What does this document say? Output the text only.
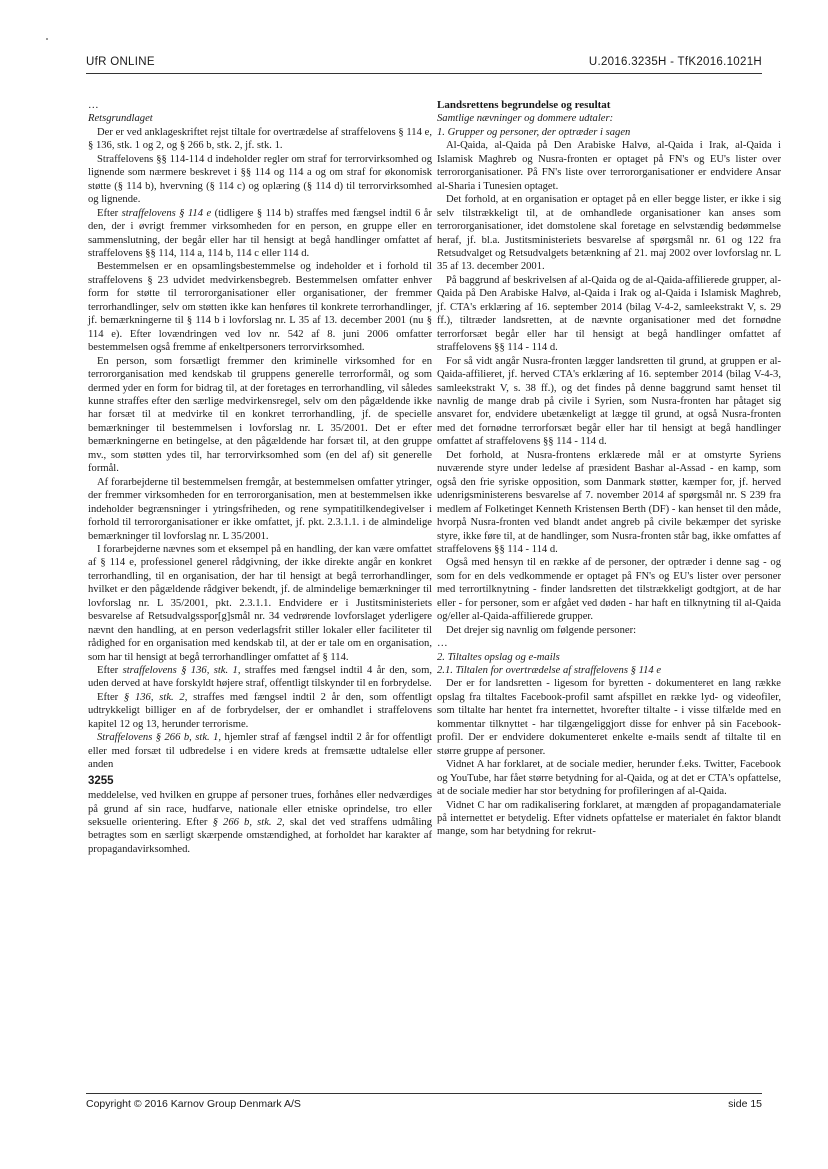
UfR ONLINE	U.2016.3235H - TfK2016.1021H

…

Retsgrundlaget

Der er ved anklageskriftet rejst tiltale for overtrædelse af straffelovens § 114 e, § 136, stk. 1 og 2, og § 266 b, stk. 2, jf. stk. 1.

Straffelovens §§ 114-114 d indeholder regler om straf for terrorvirksomhed og lignende som nærmere beskrevet i §§ 114 og 114 a og om straf for økonomisk støtte (§ 114 b), hvervning (§ 114 c) og oplæring (§ 114 d) til terrorvirksomhed og lignende.

Efter straffelovens § 114 e (tidligere § 114 b) straffes med fængsel indtil 6 år den, der i øvrigt fremmer virksomheden for en person, en gruppe eller en sammenslutning, der begår eller har til hensigt at begå handlinger omfattet af straffelovens §§ 114, 114 a, 114 b, 114 c eller 114 d.

Bestemmelsen er en opsamlingsbestemmelse og indeholder et i forhold til straffelovens § 23 udvidet medvirkensbegreb. Bestemmelsen omfatter enhver form for støtte til terrororganisationer eller organisationer, der fremmer terrorhandlinger, selv om støtten ikke kan henføres til konkrete terrorhandlinger, jf. bemærkningerne til § 114 b i lovforslag nr. L 35 af 13. december 2001 (nu § 114 e). Efter lovændringen ved lov nr. 542 af 8. juni 2006 omfatter bestemmelsen også fremme af enkeltpersoners terrorvirksomhed.

En person, som forsætligt fremmer den kriminelle virksomhed for en terrororganisation med kendskab til gruppens generelle terrorformål, og som dermed yder en form for bidrag til, at der foretages en terrorhandling, vil således kunne straffes efter den særlige medvirkensregel, selv om den pågældende ikke har forsæt til at medvirke til en konkret terrorhandling, jf. de specielle bemærkninger til bestemmelsen i lovforslag nr. L 35/2001. Det er efter bemærkningerne en betingelse, at den pågældende har forsæt til, at den gruppe mv., som støtten ydes til, har terrorvirksomhed som (en del af) sit generelle formål.

Af forarbejderne til bestemmelsen fremgår, at bestemmelsen omfatter ytringer, der fremmer virksomheden for en terrororganisation, men at bestemmelsen ikke indeholder begrænsninger i ytringsfriheden, og rene sympatitilkendegivelser i forhold til terrororganisationer er ikke omfattet, jf. pkt. 2.3.1.1. i de almindelige bemærkninger til lovforslag nr. L 35/2001.

I forarbejderne nævnes som et eksempel på en handling, der kan være omfattet af § 114 e, professionel generel rådgivning, der ikke direkte angår en konkret terrorhandling, til en organisation, der har til hensigt at begå terrorhandlinger, hvilket er den pågældende rådgiver bekendt, jf. de almindelige bemærkninger til lovforslag nr. L 35/2001, pkt. 2.3.1.1. Endvidere er i Justitsministeriets besvarelse af Retsudvalgsspor[g]smål nr. 34 vedrørende lovforslaget yderligere nævnt den handling, at en person vederlagsfrit stiller lokaler eller faciliteter til rådighed for en organisation med kendskab til, at der er tale om en organisation, som har til hensigt at begå terrorhandlinger omfattet af § 114.

Efter straffelovens § 136, stk. 1, straffes med fængsel indtil 4 år den, som, uden derved at have forskyldt højere straf, offentligt tilskynder til en forbrydelse.

Efter § 136, stk. 2, straffes med fængsel indtil 2 år den, som offentligt udtrykkeligt billiger en af de forbrydelser, der er omhandlet i straffelovens kapitel 12 og 13, herunder terrorisme.

Straffelovens § 266 b, stk. 1, hjemler straf af fængsel indtil 2 år for offentligt eller med forsæt til udbredelse i en videre kreds at fremsætte udtalelse eller anden

3255

meddelelse, ved hvilken en gruppe af personer trues, forhånes eller nedværdiges på grund af sin race, hudfarve, nationale eller etniske oprindelse, tro eller seksuelle orientering. Efter § 266 b, stk. 2, skal det ved straffens udmåling betragtes som en særligt skærpende omstændighed, at forholdet har karakter af propagandavirksomhed.

Landsrettens begrundelse og resultat

Samtlige nævninger og dommere udtaler:

1. Grupper og personer, der optræder i sagen

Al-Qaida, al-Qaida på Den Arabiske Halvø, al-Qaida i Irak, al-Qaida i Islamisk Maghreb og Nusra-fronten er optaget på FN's og EU's lister over terrororganisationer. På FN's liste over terrororganisationer er endvidere Ansar al-Sharia i Tunesien optaget.

Det forhold, at en organisation er optaget på en eller begge lister, er ikke i sig selv tilstrækkeligt til, at de omhandlede organisationer kan anses som terrororganisationer, idet domstolene skal foretage en selvstændig bedømmelse heraf, jf. bl.a. Justitsministeriets besvarelse af spørgsmål nr. 61 og 122 fra Retsudvalget og Retsudvalgets betænkning af 21. maj 2002 over lovforslag nr. L 35 af 13. december 2001.

På baggrund af beskrivelsen af al-Qaida og de al-Qaida-affilierede grupper, al-Qaida på Den Arabiske Halvø, al-Qaida i Irak og al-Qaida i Islamisk Maghreb, jf. CTA's erklæring af 16. september 2014 (bilag V-4-2, samleekstrakt V, s. 29 ff.), tiltræder landsretten, at de nævnte organisationer med det fornødne terrorforsæt begår eller har til hensigt at begå handlinger omfattet af straffelovens §§ 114 - 114 d.

For så vidt angår Nusra-fronten lægger landsretten til grund, at gruppen er al-Qaida-affilieret, jf. herved CTA's erklæring af 16. september 2014 (bilag V-4-3, samleekstrakt V, s. 38 ff.), og det findes på denne baggrund samt henset til navnlig de mange drab på civile i Syrien, som Nusra-fronten har påtaget sig ansvaret for, endvidere ubetænkeligt at lægge til grund, at også Nusra-fronten med det fornødne terrorforsæt begår eller har til hensigt at begå handlinger omfattet af straffelovens §§ 114 - 114 d.

Det forhold, at Nusra-frontens erklærede mål er at omstyrte Syriens nuværende styre under ledelse af præsident Bashar al-Assad - en kamp, som også den frie syriske opposition, som Danmark støtter, kæmper for, jf. herved udenrigsministerens besvarelse af 7. november 2014 af spørgsmål nr. S 239 fra medlem af Folketinget Kenneth Kristensen Berth (DF) - kan henset til den måde, hvorpå Nusra-fronten ved blandt andet angreb på civile bekæmper det syriske styre, ikke føre til, at de handlinger, som Nusra-fronten står bag, ikke omfattes af straffelovens §§ 114 - 114 d.

Også med hensyn til en række af de personer, der optræder i denne sag - og som for en dels vedkommende er optaget på FN's og EU's lister over personer med terrortilknytning - finder landsretten det tilstrækkeligt godtgjort, at de har eller - for personer, som er afgået ved døden - har haft en tilknytning til al-Qaida og/eller al-Qaida-affilierede grupper.

Det drejer sig navnlig om følgende personer:

…

2. Tiltaltes opslag og e-mails

2.1. Tiltalen for overtrædelse af straffelovens § 114 e

Der er for landsretten - ligesom for byretten - dokumenteret en lang række opslag fra tiltaltes Facebook-profil samt afspillet en række lyd- og videofiler, som tiltalte har hentet fra internettet, hvorefter tiltalte - i visse tilfælde med en kommentar tilknyttet - har tilgængeliggjort disse for enhver på sin Facebook-profil. Der er endvidere dokumenteret enkelte e-mails sendt af tiltalte til en større gruppe af personer.

Vidnet A har forklaret, at de sociale medier, herunder f.eks. Twitter, Facebook og YouTube, har fået større betydning for al-Qaida, og at det er CTA's opfattelse, at de sociale medier har stor betydning for profileringen af al-Qaida.

Vidnet C har om radikalisering forklaret, at mængden af propagandamateriale på internettet er betydelig. Efter vidnets opfattelse er materialet én faktor blandt mange, som har betydning for rekrut-

Copyright © 2016 Karnov Group Denmark A/S	side 15
